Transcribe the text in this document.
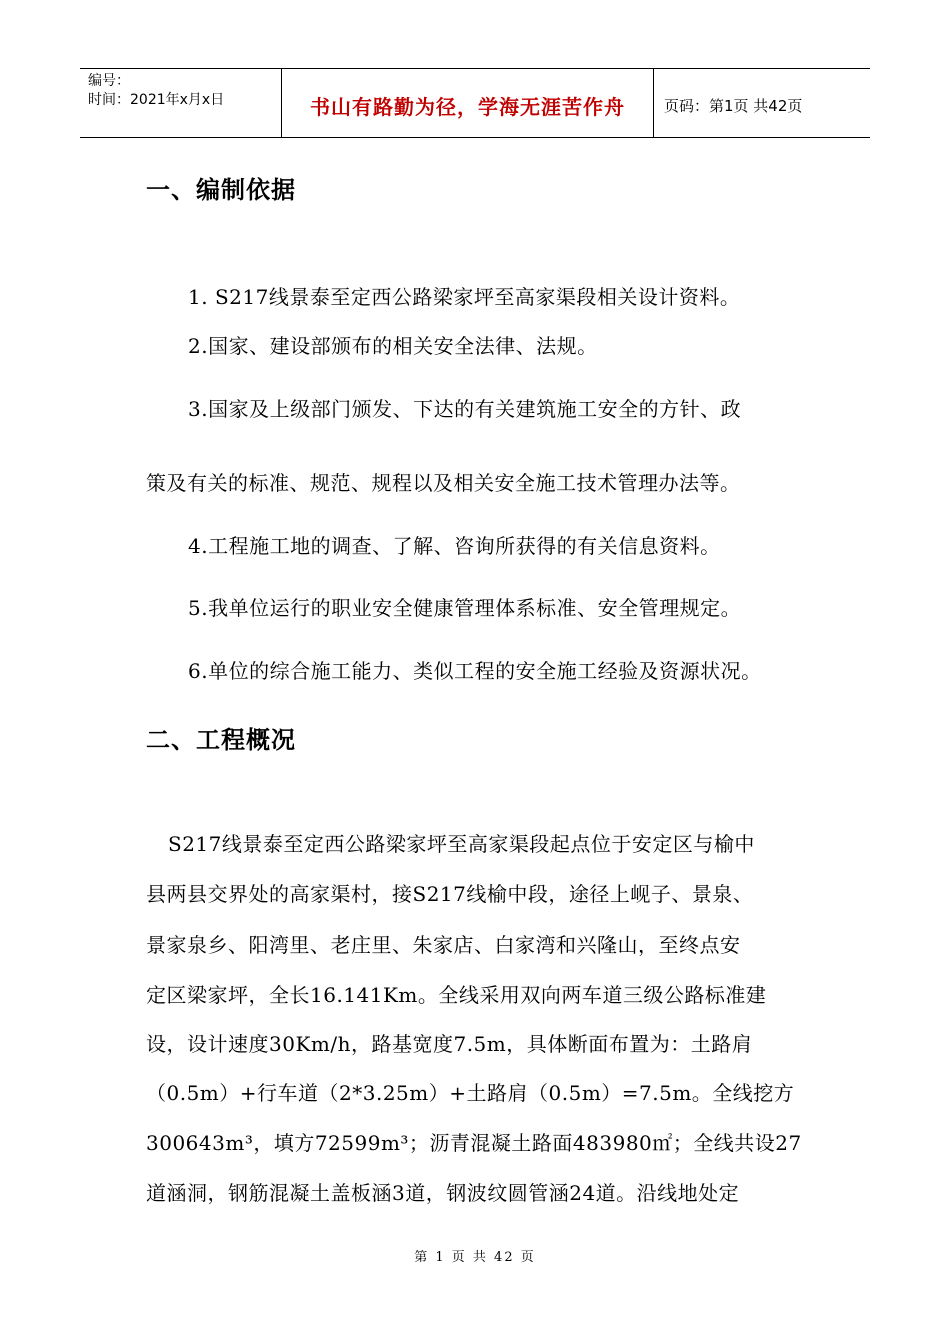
编号：
时间：2021年x月x日	书山有路勤为径，学海无涯苦作舟	页码：第1页 共42页
一、编制依据
1. S217线景泰至定西公路梁家坪至高家渠段相关设计资料。
2.国家、建设部颁布的相关安全法律、法规。
3.国家及上级部门颁发、下达的有关建筑施工安全的方针、政
策及有关的标准、规范、规程以及相关安全施工技术管理办法等。
4.工程施工地的调查、了解、咨询所获得的有关信息资料。
5.我单位运行的职业安全健康管理体系标准、安全管理规定。
6.单位的综合施工能力、类似工程的安全施工经验及资源状况。
二、工程概况
S217线景泰至定西公路梁家坪至高家渠段起点位于安定区与榆中
县两县交界处的高家渠村，接S217线榆中段，途径上岘子、景泉、
景家泉乡、阳湾里、老庄里、朱家店、白家湾和兴隆山，至终点安
定区梁家坪，全长16.141Km。全线采用双向两车道三级公路标准建
设，设计速度30Km/h，路基宽度7.5m，具体断面布置为：土路肩
（0.5m）+行车道（2*3.25m）+土路肩（0.5m）=7.5m。全线挖方
300643m³，填方72599m³；沥青混凝土路面483980㎡；全线共设27
道涵洞，钢筋混凝土盖板涵3道，钢波纹圆管涵24道。沿线地处定
第 1 页 共 42 页
